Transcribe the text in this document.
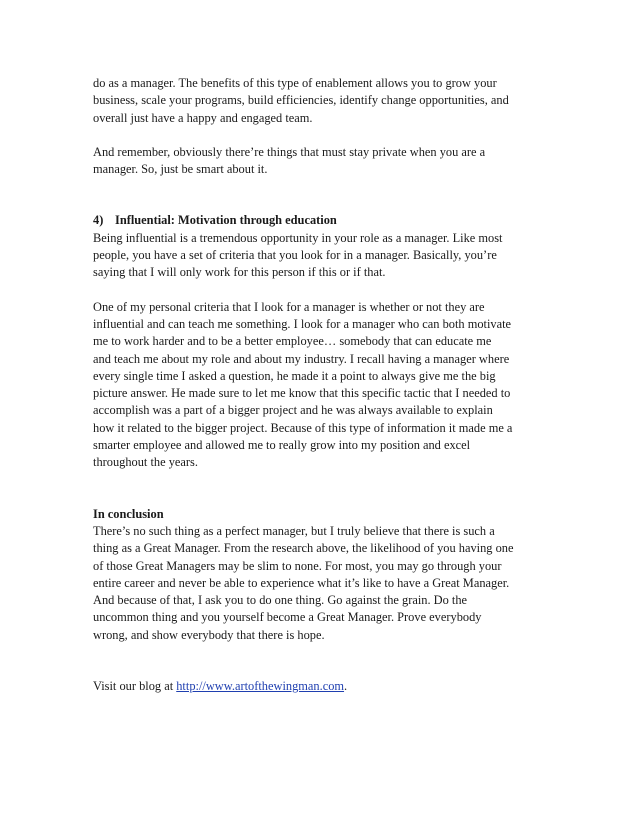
do as a manager. The benefits of this type of enablement allows you to grow your
business, scale your programs, build efficiencies, identify change opportunities, and
overall just have a happy and engaged team.
And remember, obviously there’re things that must stay private when you are a
manager. So, just be smart about it.
4) Influential: Motivation through education
Being influential is a tremendous opportunity in your role as a manager. Like most
people, you have a set of criteria that you look for in a manager. Basically, you’re
saying that I will only work for this person if this or if that.
One of my personal criteria that I look for a manager is whether or not they are
influential and can teach me something. I look for a manager who can both motivate
me to work harder and to be a better employee… somebody that can educate me
and teach me about my role and about my industry. I recall having a manager where
every single time I asked a question, he made it a point to always give me the big
picture answer. He made sure to let me know that this specific tactic that I needed to
accomplish was a part of a bigger project and he was always available to explain
how it related to the bigger project. Because of this type of information it made me a
smarter employee and allowed me to really grow into my position and excel
throughout the years.
In conclusion
There’s no such thing as a perfect manager, but I truly believe that there is such a
thing as a Great Manager. From the research above, the likelihood of you having one
of those Great Managers may be slim to none. For most, you may go through your
entire career and never be able to experience what it’s like to have a Great Manager.
And because of that, I ask you to do one thing. Go against the grain. Do the
uncommon thing and you yourself become a Great Manager. Prove everybody
wrong, and show everybody that there is hope.
Visit our blog at http://www.artofthewingman.com.
